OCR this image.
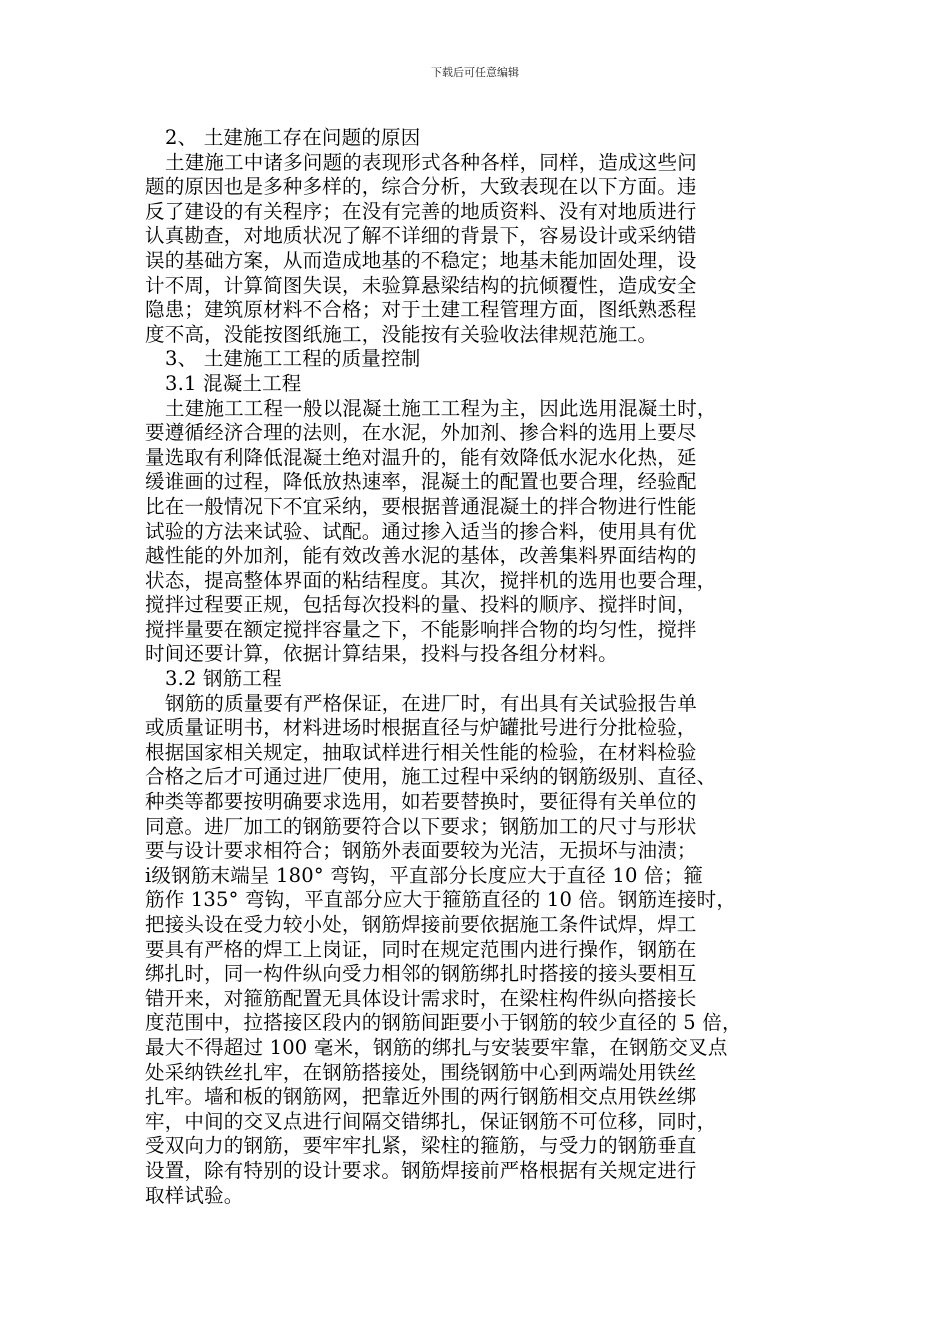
下载后可任意编辑
2、 土建施工存在问题的原因
土建施工中诸多问题的表现形式各种各样，同样，造成这些问
题的原因也是多种多样的，综合分析，大致表现在以下方面。违
反了建设的有关程序；在没有完善的地质资料、没有对地质进行
认真勘查，对地质状况了解不详细的背景下，容易设计或采纳错
误的基础方案，从而造成地基的不稳定；地基未能加固处理，设
计不周，计算简图失误，未验算悬梁结构的抗倾覆性，造成安全
隐患；建筑原材料不合格；对于土建工程管理方面，图纸熟悉程
度不高，没能按图纸施工，没能按有关验收法律规范施工。
3、 土建施工工程的质量控制
3.1 混凝土工程
土建施工工程一般以混凝土施工工程为主，因此选用混凝土时，
要遵循经济合理的法则，在水泥，外加剂、掺合料的选用上要尽
量选取有利降低混凝土绝对温升的，能有效降低水泥水化热，延
缓谁画的过程，降低放热速率，混凝土的配置也要合理，经验配
比在一般情况下不宜采纳，要根据普通混凝土的拌合物进行性能
试验的方法来试验、试配。通过掺入适当的掺合料，使用具有优
越性能的外加剂，能有效改善水泥的基体，改善集料界面结构的
状态，提高整体界面的粘结程度。其次，搅拌机的选用也要合理，
搅拌过程要正规，包括每次投料的量、投料的顺序、搅拌时间，
搅拌量要在额定搅拌容量之下，不能影响拌合物的均匀性，搅拌
时间还要计算，依据计算结果，投料与投各组分材料。
3.2 钢筋工程
钢筋的质量要有严格保证，在进厂时，有出具有关试验报告单
或质量证明书，材料进场时根据直径与炉罐批号进行分批检验，
根据国家相关规定，抽取试样进行相关性能的检验，在材料检验
合格之后才可通过进厂使用，施工过程中采纳的钢筋级别、直径、
种类等都要按明确要求选用，如若要替换时，要征得有关单位的
同意。进厂加工的钢筋要符合以下要求；钢筋加工的尺寸与形状
要与设计要求相符合；钢筋外表面要较为光洁，无损坏与油渍；
ⅰ级钢筋末端呈 180° 弯钩，平直部分长度应大于直径 10 倍；箍
筋作 135° 弯钩，平直部分应大于箍筋直径的 10 倍。钢筋连接时，
把接头设在受力较小处，钢筋焊接前要依据施工条件试焊，焊工
要具有严格的焊工上岗证，同时在规定范围内进行操作，钢筋在
绑扎时，同一构件纵向受力相邻的钢筋绑扎时搭接的接头要相互
错开来，对箍筋配置无具体设计需求时，在梁柱构件纵向搭接长
度范围中，拉搭接区段内的钢筋间距要小于钢筋的较少直径的 5 倍，
最大不得超过 100 毫米，钢筋的绑扎与安装要牢靠，在钢筋交叉点
处采纳铁丝扎牢，在钢筋搭接处，围绕钢筋中心到两端处用铁丝
扎牢。墙和板的钢筋网，把靠近外围的两行钢筋相交点用铁丝绑
牢，中间的交叉点进行间隔交错绑扎，保证钢筋不可位移，同时，
受双向力的钢筋，要牢牢扎紧，梁柱的箍筋，与受力的钢筋垂直
设置，除有特别的设计要求。钢筋焊接前严格根据有关规定进行
取样试验。
